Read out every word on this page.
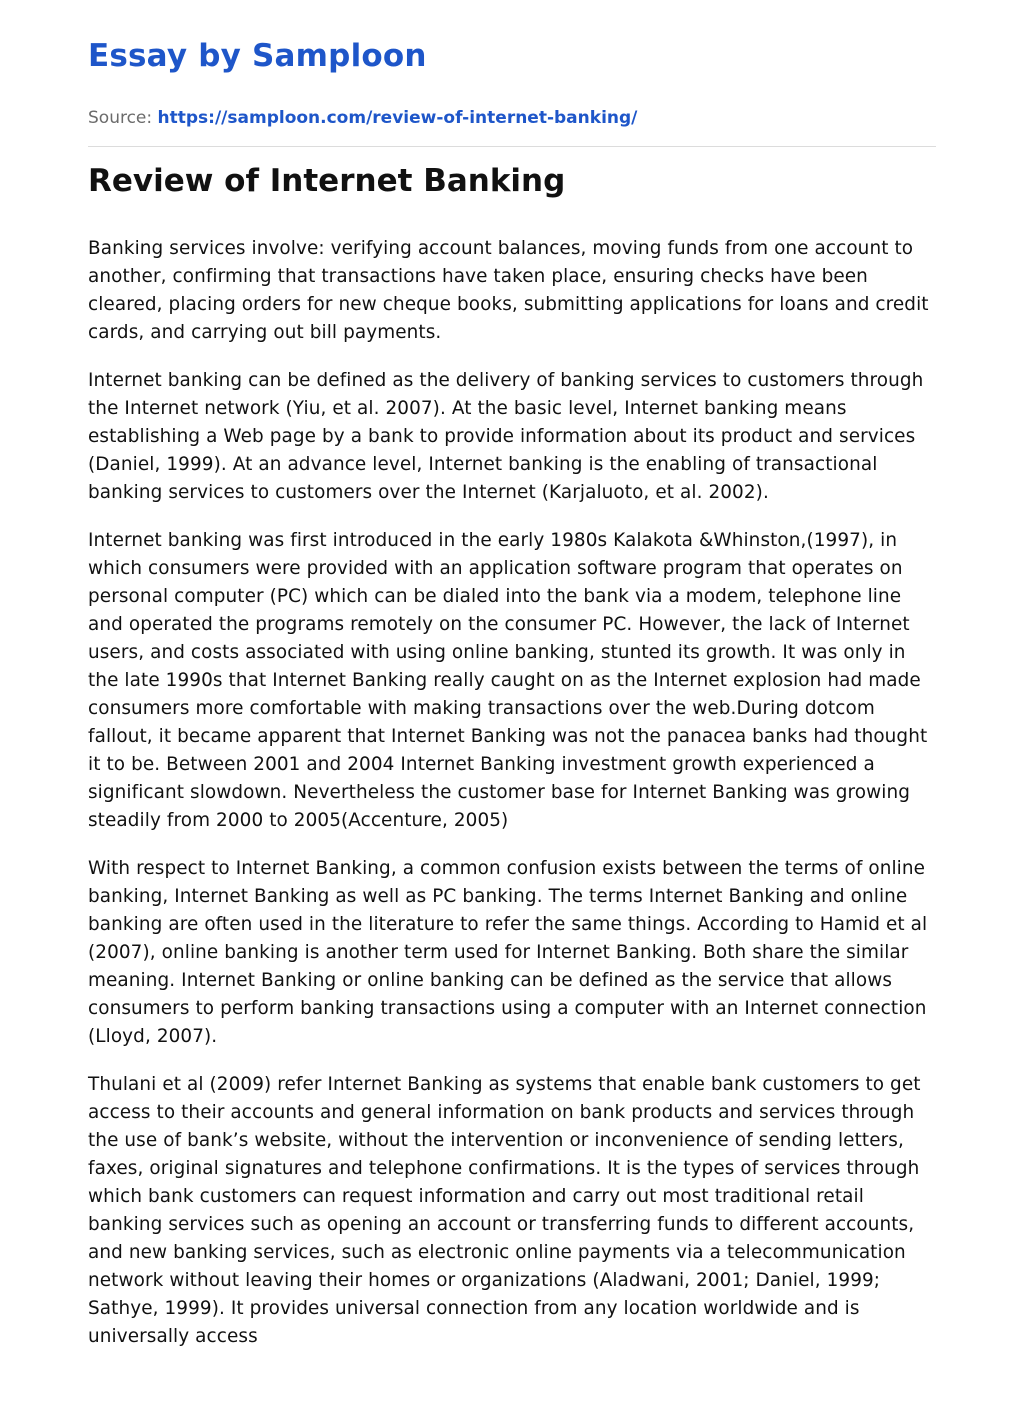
Essay by Samploon
Source: https://samploon.com/review-of-internet-banking/
Review of Internet Banking

Banking services involve: verifying account balances, moving funds from one account to another, confirming that transactions have taken place, ensuring checks have been cleared, placing orders for new cheque books, submitting applications for loans and credit cards, and carrying out bill payments.

Internet banking can be defined as the delivery of banking services to customers through the Internet network (Yiu, et al. 2007). At the basic level, Internet banking means establishing a Web page by a bank to provide information about its product and services (Daniel, 1999). At an advance level, Internet banking is the enabling of transactional banking services to customers over the Internet (Karjaluoto, et al. 2002).

Internet banking was first introduced in the early 1980s Kalakota &Whinston,(1997), in which consumers were provided with an application software program that operates on personal computer (PC) which can be dialed into the bank via a modem, telephone line and operated the programs remotely on the consumer PC. However, the lack of Internet users, and costs associated with using online banking, stunted its growth. It was only in the late 1990s that Internet Banking really caught on as the Internet explosion had made consumers more comfortable with making transactions over the web.During dotcom fallout, it became apparent that Internet Banking was not the panacea banks had thought it to be. Between 2001 and 2004 Internet Banking investment growth experienced a significant slowdown. Nevertheless the customer base for Internet Banking was growing steadily from 2000 to 2005(Accenture, 2005)

With respect to Internet Banking, a common confusion exists between the terms of online banking, Internet Banking as well as PC banking. The terms Internet Banking and online banking are often used in the literature to refer the same things. According to Hamid et al (2007), online banking is another term used for Internet Banking. Both share the similar meaning. Internet Banking or online banking can be defined as the service that allows consumers to perform banking transactions using a computer with an Internet connection (Lloyd, 2007).

Thulani et al (2009) refer Internet Banking as systems that enable bank customers to get access to their accounts and general information on bank products and services through the use of bank’s website, without the intervention or inconvenience of sending letters, faxes, original signatures and telephone confirmations. It is the types of services through which bank customers can request information and carry out most traditional retail banking services such as opening an account or transferring funds to different accounts, and new banking services, such as electronic online payments via a telecommunication network without leaving their homes or organizations (Aladwani, 2001; Daniel, 1999; Sathye, 1999). It provides universal connection from any location worldwide and is universally access
